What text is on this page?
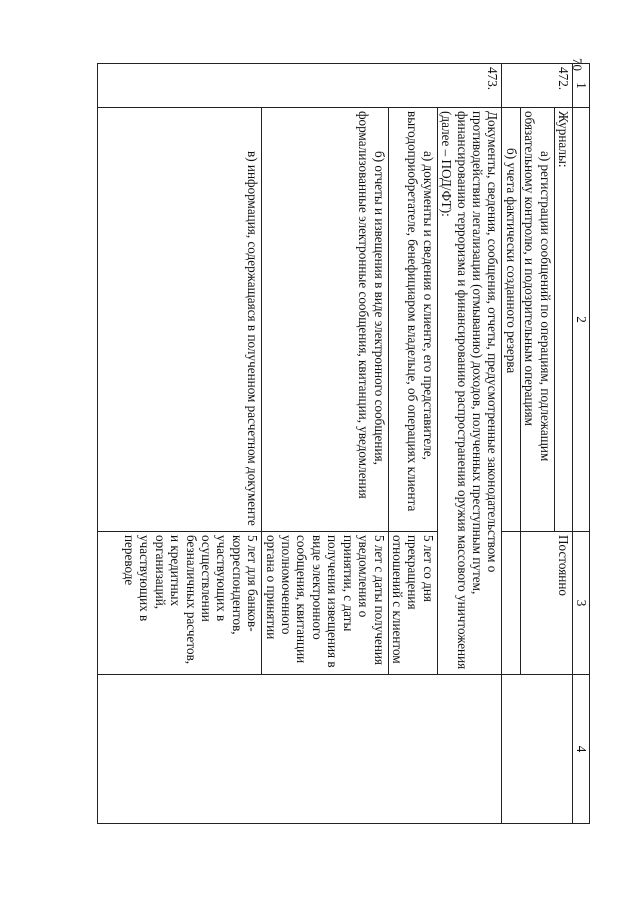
70
1	2	3	4
472.	Журналы:	Постоянно	
	а) регистрации сообщений по операциям, подлежащим обязательному контролю, и подозрительным операциям		
	б) учета фактически созданного резерва		
473.	Документы, сведения, сообщения, отчеты, предусмотренные законодательством о противодействии легализации (отмыванию) доходов, полученных преступным путем, финансированию терроризма и финансированию распространения оружия массового уничтожения (далее – ПОД/ФТ):		
	а) документы и сведения о клиенте, его представителе, выгодоприобретателе, бенефициаром владельце, об операциях клиента	5 лет со дня прекращения отношений с клиентом	
	б) отчеты и извещения в виде электронного сообщения, формализованные электронные сообщения, квитанции, уведомления	5 лет с даты получения уведомления о принятии, с даты получения извещения в виде электронного сообщения, квитанции уполномоченного органа о принятии	
	в) информация, содержащаяся в полученном расчетном документе	5 лет для банков-корреспондентов, участвующих в осуществлении безналичных расчетов, и кредитных организаций, участвующих в переводе	
